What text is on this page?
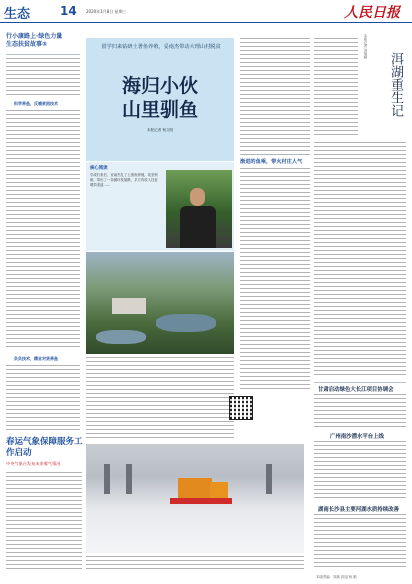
生态 14 2020年1月8日 星期三	人民日报
行小康路上·绿色力量
生态扶贫故事③
科学养鱼，反哺贫困技术
负负技术，精业对货养鱼
留学归来钻研土著鱼养殖，妥南杰带动大理山村脱贫
海归小伙
山里驯鱼
本报记者 杨文明
核心阅读
学成归来后，妥南杰扎了土著鱼养殖，攻坚科研，带出了一条循环发展路，多方有收入扶贫增效渠道……
渐进的鱼乘，带火村庄人气
本报记者 刘翔峰
洱湖重生记
甘肃启动绿色大长江项目协调会
广州南沙潜水平台上线
湖南长沙县主要河湖水质持续改善
春运气象保障服务工作启动
中央气象台发布未来雾气情况
本版责编：刘斌 高旭 杨 颖
